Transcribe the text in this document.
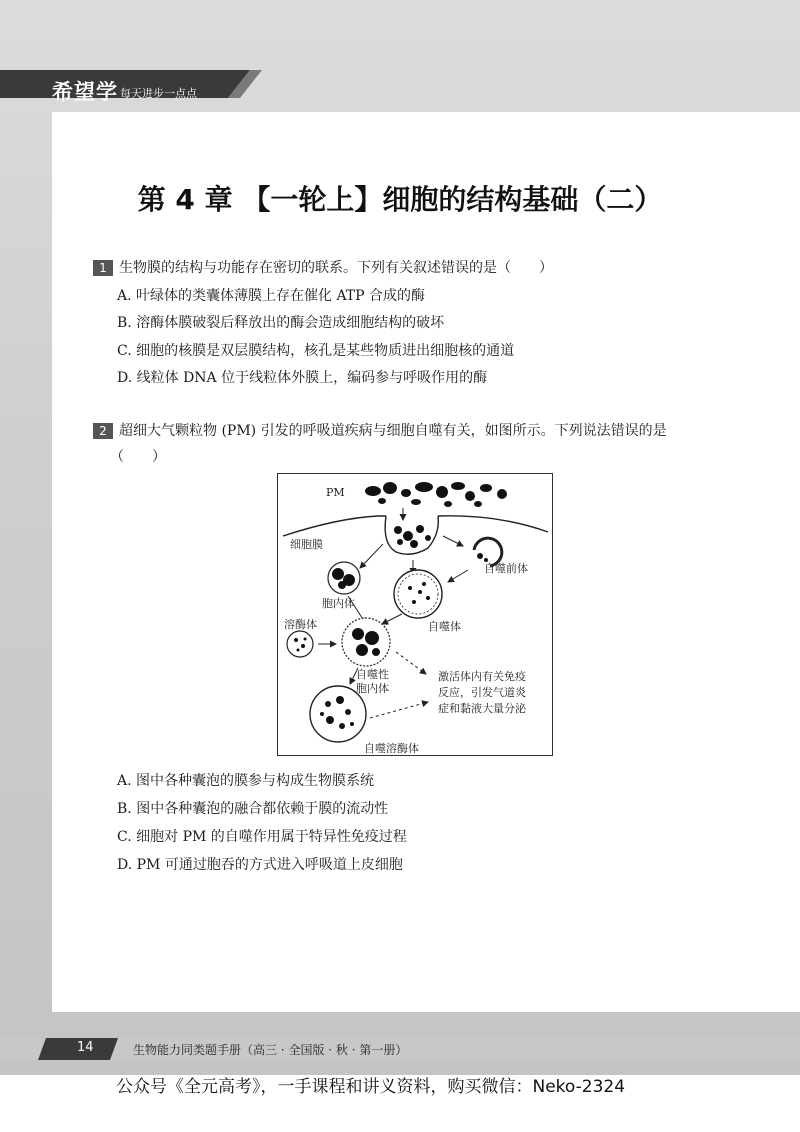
希望学 每天进步一点点
第 4 章 【一轮上】细胞的结构基础（二）
1 生物膜的结构与功能存在密切的联系。下列有关叙述错误的是（　　）
A. 叶绿体的类囊体薄膜上存在催化 ATP 合成的酶
B. 溶酶体膜破裂后释放出的酶会造成细胞结构的破坏
C. 细胞的核膜是双层膜结构，核孔是某些物质进出细胞核的通道
D. 线粒体 DNA 位于线粒体外膜上，编码参与呼吸作用的酶
2 超细大气颗粒物 (PM) 引发的呼吸道疾病与细胞自噬有关，如图所示。下列说法错误的是
（　　）
PM
细胞膜
胞内体
自噬前体
自噬体
溶酶体
自噬性
胞内体
自噬溶酶体
激活体内有关免疫
反应，引发气道炎
症和黏液大量分泌
A. 图中各种囊泡的膜参与构成生物膜系统
B. 图中各种囊泡的融合都依赖于膜的流动性
C. 细胞对 PM 的自噬作用属于特异性免疫过程
D. PM 可通过胞吞的方式进入呼吸道上皮细胞
14	生物能力同类题手册（高三 · 全国版 · 秋 · 第一册）
公众号《全元高考》，一手课程和讲义资料，购买微信：Neko-2324
